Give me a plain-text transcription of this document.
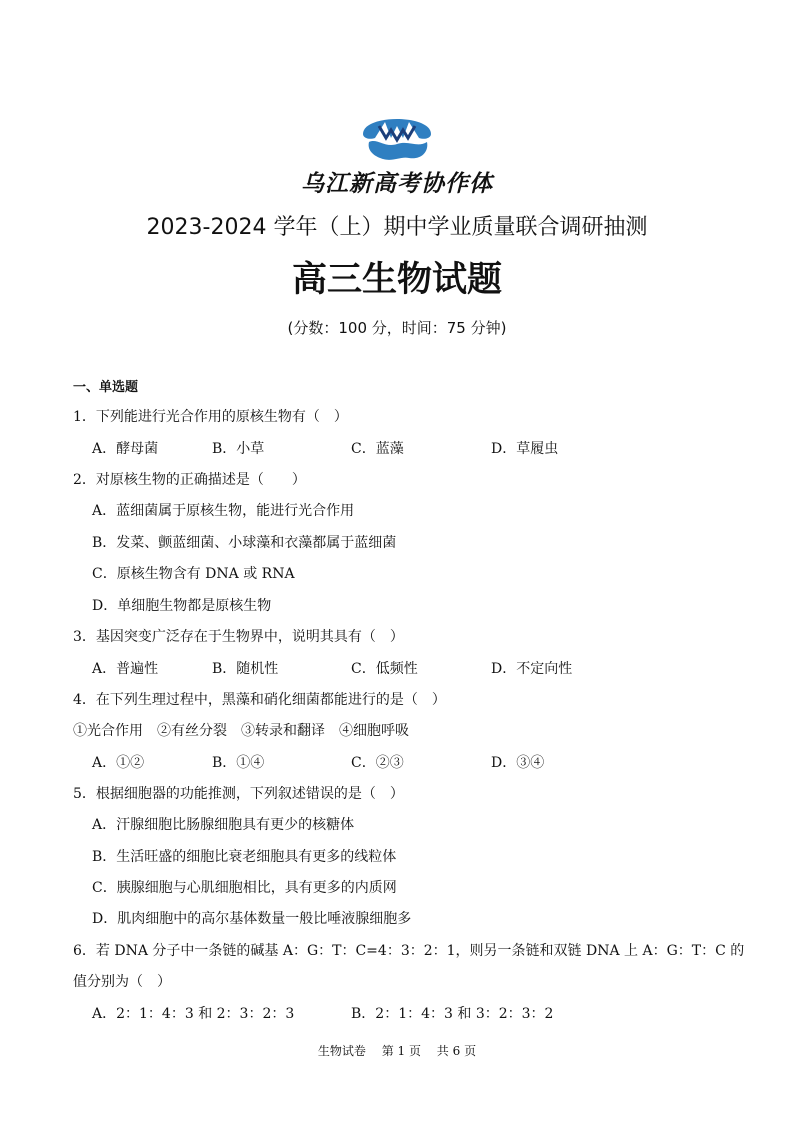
乌江新高考协作体
2023-2024 学年（上）期中学业质量联合调研抽测
高三生物试题
(分数：100 分，时间：75 分钟)
一、单选题
1．下列能进行光合作用的原核生物有（　）
A．酵母菌	B．小草	C．蓝藻	D．草履虫
2．对原核生物的正确描述是（　　）
A．蓝细菌属于原核生物，能进行光合作用
B．发菜、颤蓝细菌、小球藻和衣藻都属于蓝细菌
C．原核生物含有 DNA 或 RNA
D．单细胞生物都是原核生物
3．基因突变广泛存在于生物界中，说明其具有（　）
A．普遍性	B．随机性	C．低频性	D．不定向性
4．在下列生理过程中，黑藻和硝化细菌都能进行的是（　）
①光合作用　②有丝分裂　③转录和翻译　④细胞呼吸
A．①②	B．①④	C．②③	D．③④
5．根据细胞器的功能推测，下列叙述错误的是（　）
A．汗腺细胞比肠腺细胞具有更少的核糖体
B．生活旺盛的细胞比衰老细胞具有更多的线粒体
C．胰腺细胞与心肌细胞相比，具有更多的内质网
D．肌肉细胞中的高尔基体数量一般比唾液腺细胞多
6．若 DNA 分子中一条链的碱基 A：G：T：C=4：3：2：1，则另一条链和双链 DNA 上 A：G：T：C 的
值分别为（　）
A．2：1：4：3 和 2：3：2：3	B．2：1：4：3 和 3：2：3：2
生物试卷　 第 1 页　 共 6 页
